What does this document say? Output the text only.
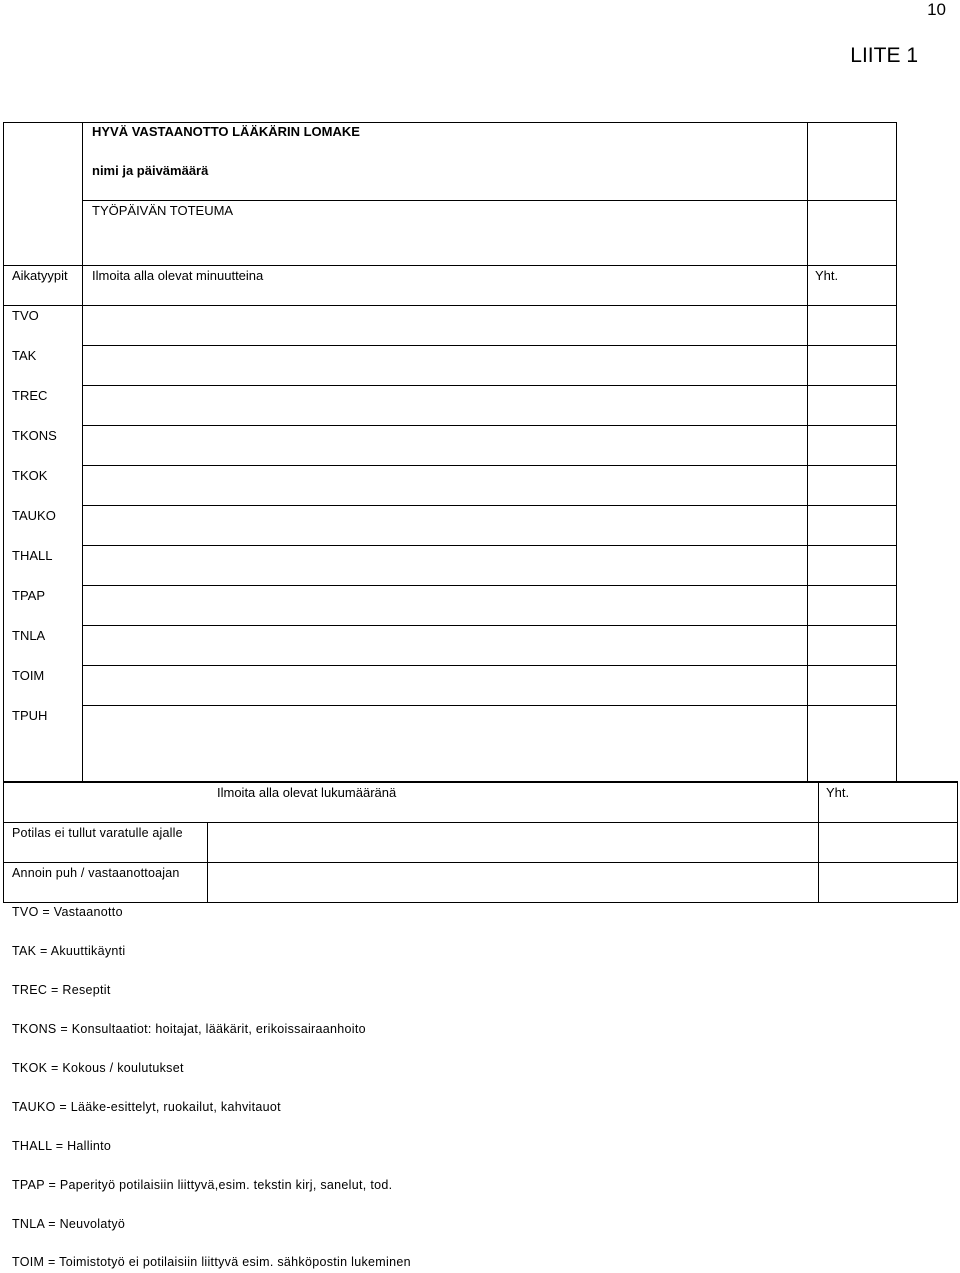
10
LIITE 1
HYVÄ VASTAANOTTO LÄÄKÄRIN LOMAKE
nimi ja päivämäärä
TYÖPÄIVÄN TOTEUMA
Aikatyypit Ilmoita alla olevat minuutteina	Yht.
TVO
TAK
TREC
TKONS
TKOK
TAUKO
THALL
TPAP
TNLA
TOIM
TPUH
Ilmoita alla olevat lukumääränä	Yht.
Potilas ei tullut varatulle ajalle
Annoin puh / vastaanottoajan
TVO = Vastaanotto
TAK = Akuuttikäynti
TREC = Reseptit
TKONS = Konsultaatiot: hoitajat, lääkärit, erikoissairaanhoito
TKOK = Kokous / koulutukset
TAUKO = Lääke-esittelyt, ruokailut, kahvitauot
THALL = Hallinto
TPAP = Paperityö potilaisiin liittyvä,esim. tekstin kirj, sanelut, tod.
TNLA = Neuvolatyö
TOIM = Toimistotyö ei potilaisiin liittyvä esim. sähköpostin lukeminen
